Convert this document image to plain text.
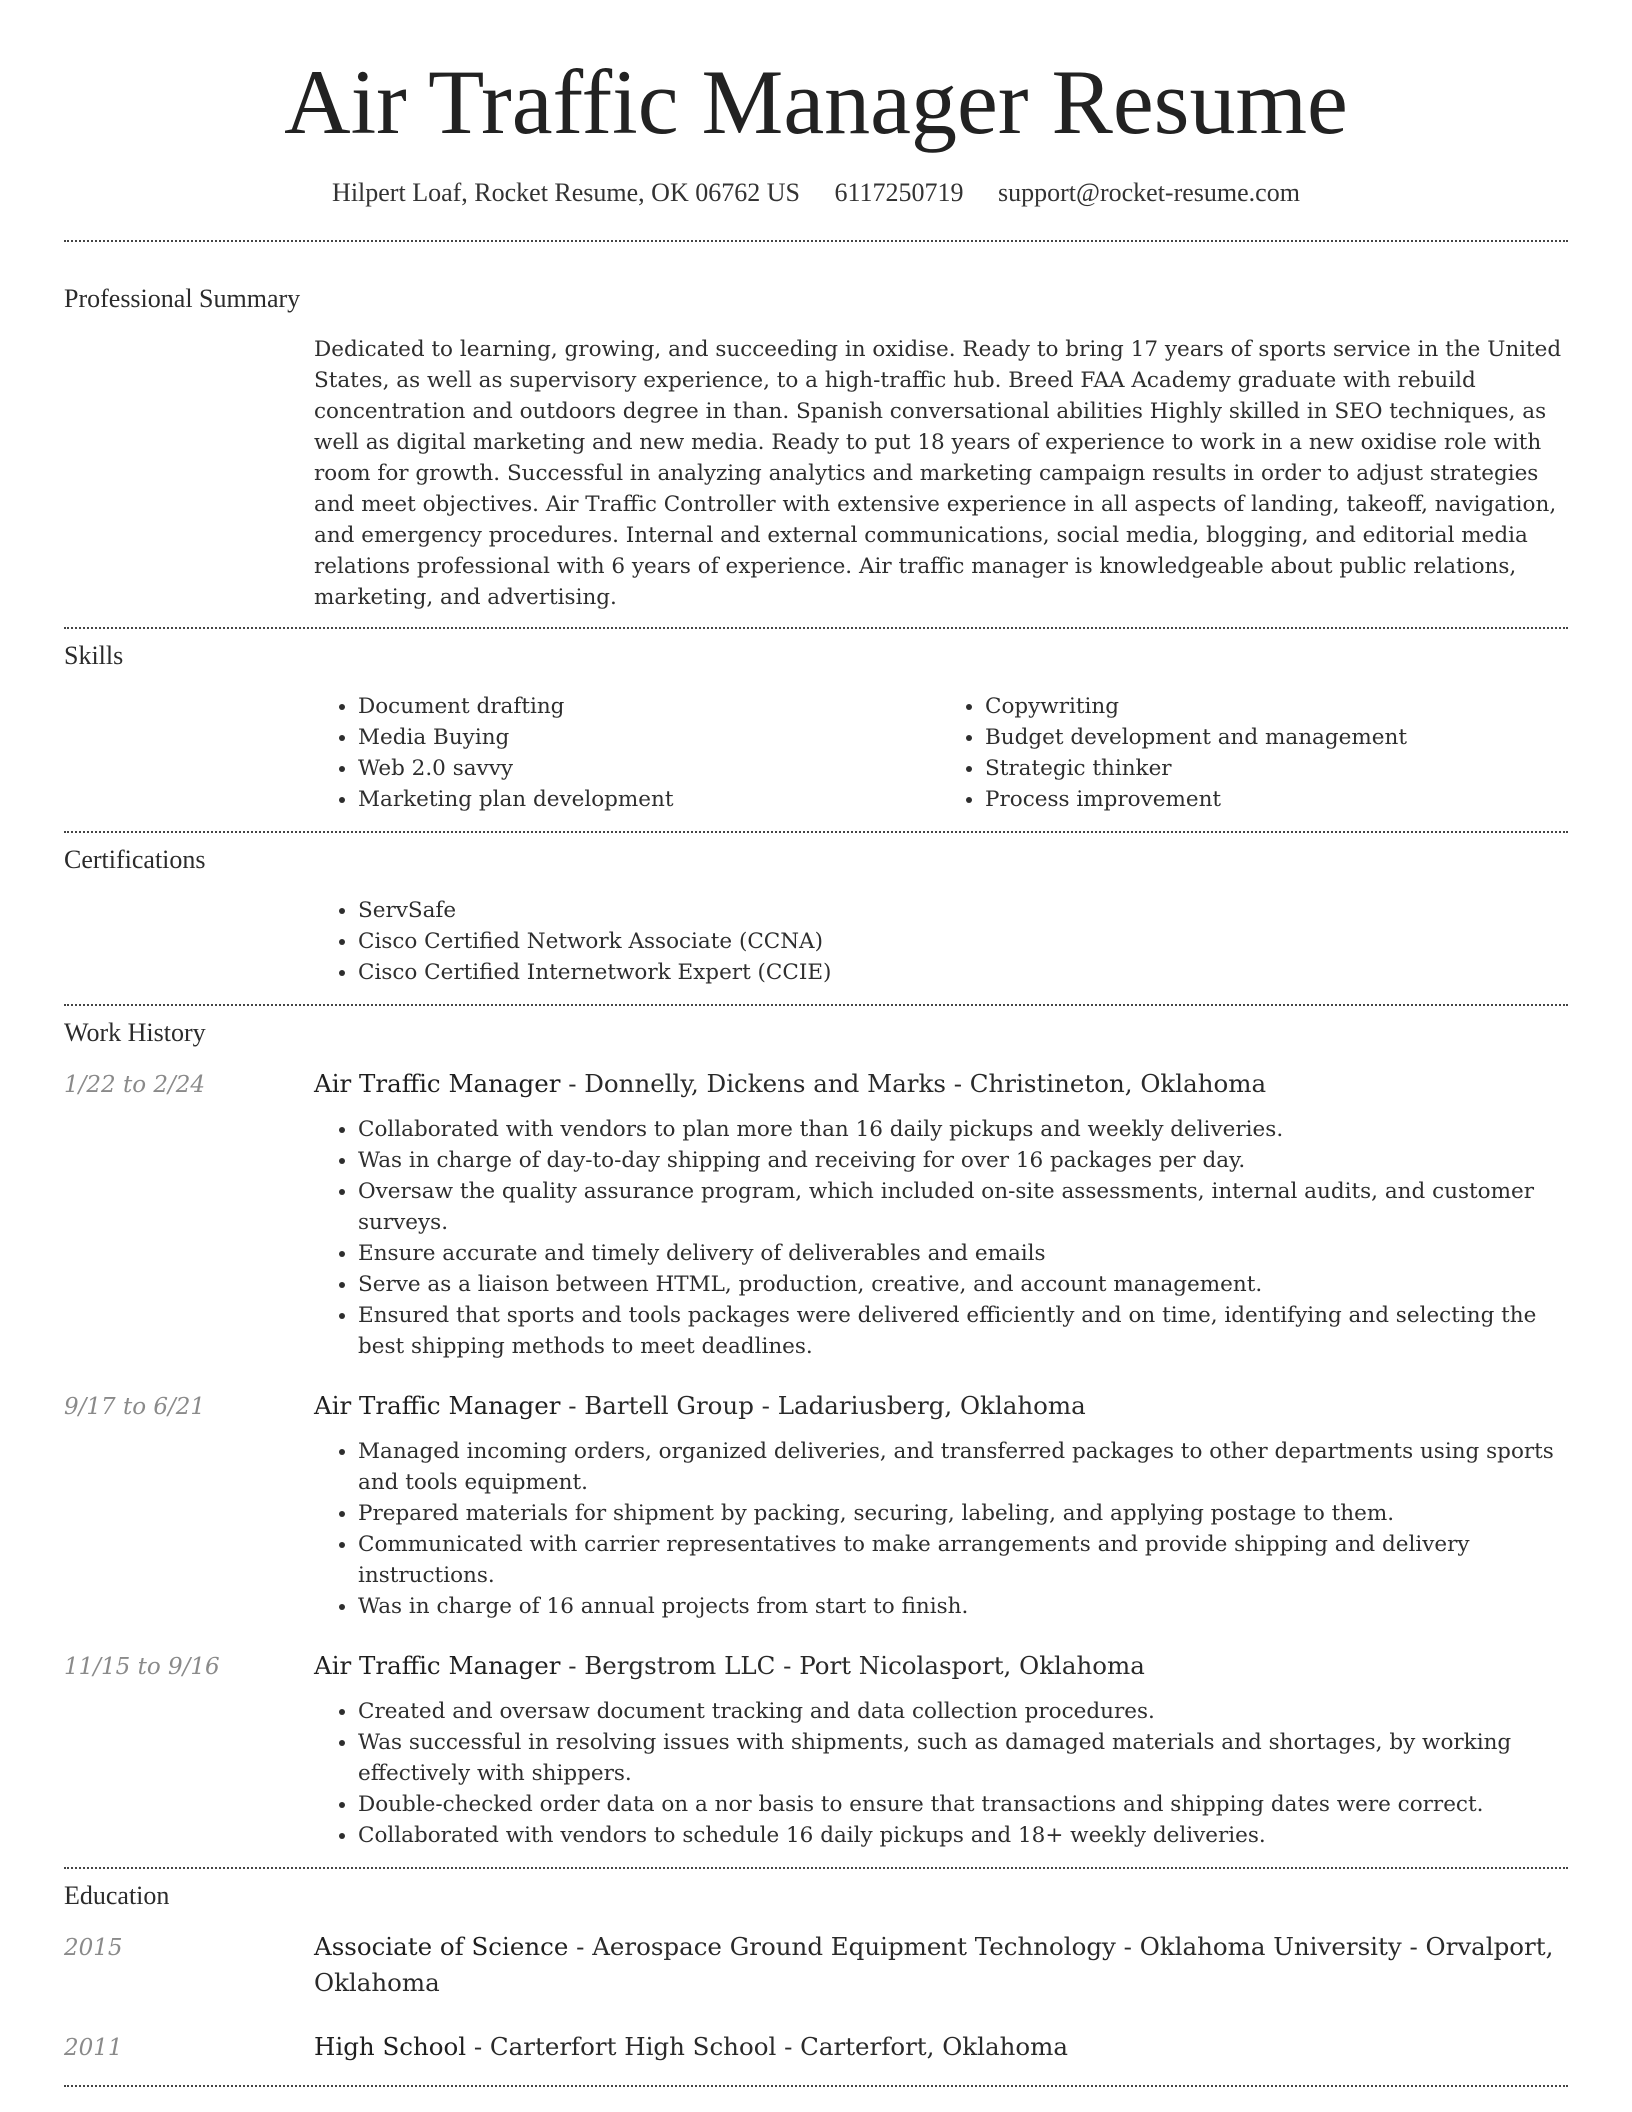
Air Traffic Manager Resume
Hilpert Loaf, Rocket Resume, OK 06762 US 6117250719 support@rocket-resume.com
Professional Summary
Dedicated to learning, growing, and succeeding in oxidise. Ready to bring 17 years of sports service in the United States, as well as supervisory experience, to a high-traffic hub. Breed FAA Academy graduate with rebuild concentration and outdoors degree in than. Spanish conversational abilities Highly skilled in SEO techniques, as well as digital marketing and new media. Ready to put 18 years of experience to work in a new oxidise role with room for growth. Successful in analyzing analytics and marketing campaign results in order to adjust strategies and meet objectives. Air Traffic Controller with extensive experience in all aspects of landing, takeoff, navigation, and emergency procedures. Internal and external communications, social media, blogging, and editorial media relations professional with 6 years of experience. Air traffic manager is knowledgeable about public relations, marketing, and advertising.
Skills
• Document drafting
• Media Buying
• Web 2.0 savvy
• Marketing plan development
• Copywriting
• Budget development and management
• Strategic thinker
• Process improvement
Certifications
• ServSafe
• Cisco Certified Network Associate (CCNA)
• Cisco Certified Internetwork Expert (CCIE)
Work History
1/22 to 2/24	Air Traffic Manager - Donnelly, Dickens and Marks - Christineton, Oklahoma
• Collaborated with vendors to plan more than 16 daily pickups and weekly deliveries.
• Was in charge of day-to-day shipping and receiving for over 16 packages per day.
• Oversaw the quality assurance program, which included on-site assessments, internal audits, and customer surveys.
• Ensure accurate and timely delivery of deliverables and emails
• Serve as a liaison between HTML, production, creative, and account management.
• Ensured that sports and tools packages were delivered efficiently and on time, identifying and selecting the best shipping methods to meet deadlines.
9/17 to 6/21	Air Traffic Manager - Bartell Group - Ladariusberg, Oklahoma
• Managed incoming orders, organized deliveries, and transferred packages to other departments using sports and tools equipment.
• Prepared materials for shipment by packing, securing, labeling, and applying postage to them.
• Communicated with carrier representatives to make arrangements and provide shipping and delivery instructions.
• Was in charge of 16 annual projects from start to finish.
11/15 to 9/16	Air Traffic Manager - Bergstrom LLC - Port Nicolasport, Oklahoma
• Created and oversaw document tracking and data collection procedures.
• Was successful in resolving issues with shipments, such as damaged materials and shortages, by working effectively with shippers.
• Double-checked order data on a nor basis to ensure that transactions and shipping dates were correct.
• Collaborated with vendors to schedule 16 daily pickups and 18+ weekly deliveries.
Education
2015	Associate of Science - Aerospace Ground Equipment Technology - Oklahoma University - Orvalport, Oklahoma
2011	High School - Carterfort High School - Carterfort, Oklahoma
